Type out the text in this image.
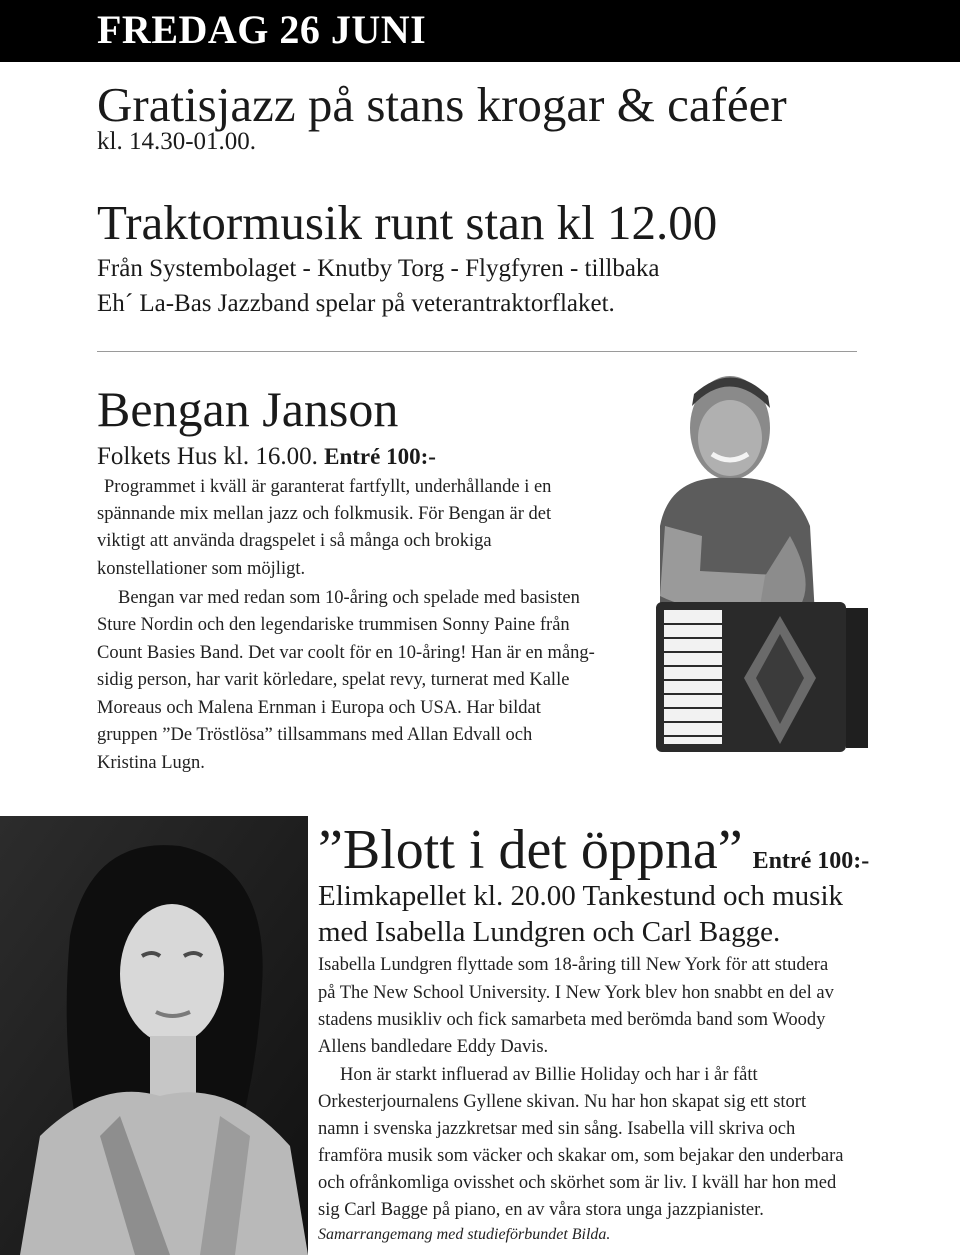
FREDAG 26 JUNI
Gratisjazz på stans krogar & caféer
kl. 14.30-01.00.
Traktormusik runt stan kl 12.00
Från Systembolaget - Knutby Torg - Flygfyren - tillbaka
Eh´ La-Bas Jazzband spelar på veterantraktorflaket.
Bengan Janson
Folkets Hus kl. 16.00. Entré 100:-
Programmet i kväll är garanterat fartfyllt, underhållande i en
spännande mix mellan jazz och folkmusik. För Bengan är det
viktigt att använda dragspelet i så många och brokiga
konstellationer som möjligt.
Bengan var med redan som 10-åring och spelade med basisten
Sture Nordin och den legendariske trummisen Sonny Paine från
Count Basies Band. Det var coolt för en 10-åring! Han är en mång-
sidig person, har varit körledare, spelat revy, turnerat med Kalle
Moreaus och Malena Ernman i Europa och USA. Har bildat
gruppen ”De Tröstlösa” tillsammans med Allan Edvall och
Kristina Lugn.
”Blott i det öppna” Entré 100:-
Elimkapellet kl. 20.00 Tankestund och musik
med Isabella Lundgren och Carl Bagge.
Isabella Lundgren flyttade som 18-åring till New York för att studera
på The New School University. I New York blev hon snabbt en del av
stadens musikliv och fick samarbeta med berömda band som Woody
Allens bandledare Eddy Davis.
Hon är starkt influerad av Billie Holiday och har i år fått
Orkesterjournalens Gyllene skivan. Nu har hon skapat sig ett stort
namn i svenska jazzkretsar med sin sång. Isabella vill skriva och
framföra musik som väcker och skakar om, som bejakar den underbara
och ofrånkomliga ovisshet och skörhet som är liv. I kväll har hon med
sig Carl Bagge på piano, en av våra stora unga jazzpianister.
Samarrangemang med studieförbundet Bilda.
